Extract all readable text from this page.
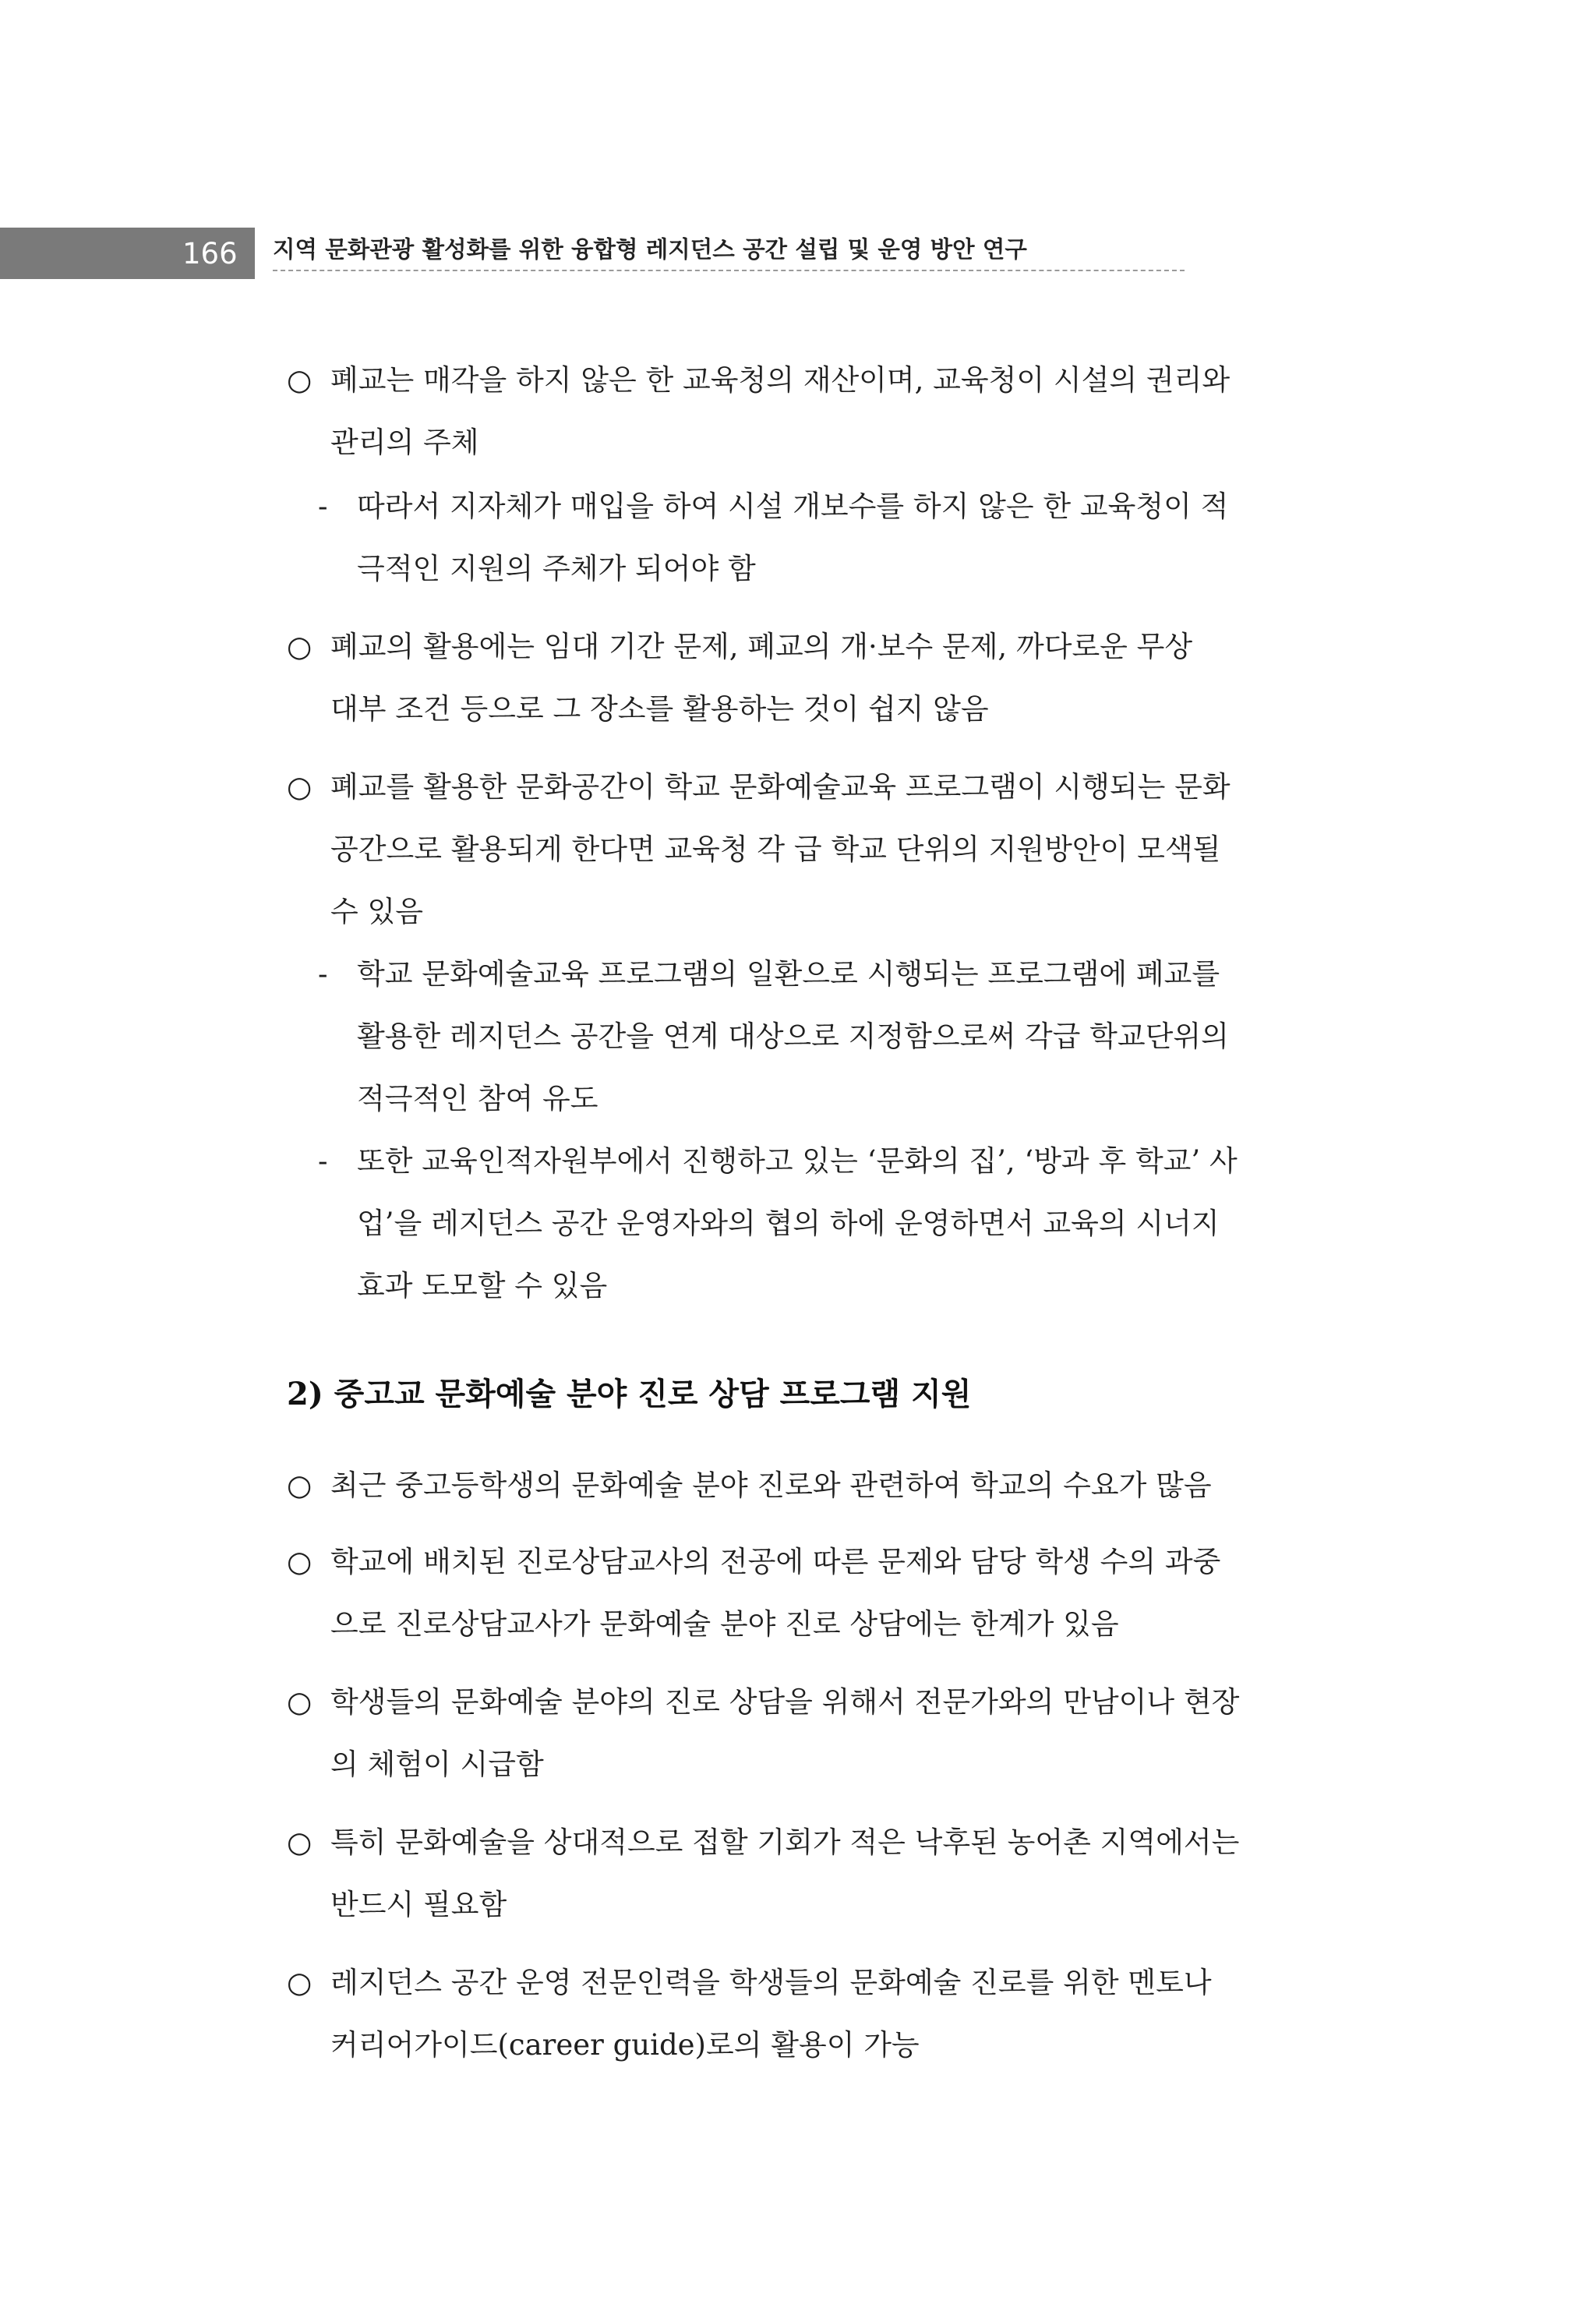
166 지역 문화관광 활성화를 위한 융합형 레지던스 공간 설립 및 운영 방안 연구
○ 폐교는 매각을 하지 않은 한 교육청의 재산이며, 교육청이 시설의 권리와
관리의 주체
- 따라서 지자체가 매입을 하여 시설 개보수를 하지 않은 한 교육청이 적
극적인 지원의 주체가 되어야 함
○ 폐교의 활용에는 임대 기간 문제, 폐교의 개·보수 문제, 까다로운 무상
대부 조건 등으로 그 장소를 활용하는 것이 쉽지 않음
○ 폐교를 활용한 문화공간이 학교 문화예술교육 프로그램이 시행되는 문화
공간으로 활용되게 한다면 교육청 각 급 학교 단위의 지원방안이 모색될
수 있음
- 학교 문화예술교육 프로그램의 일환으로 시행되는 프로그램에 폐교를
활용한 레지던스 공간을 연계 대상으로 지정함으로써 각급 학교단위의
적극적인 참여 유도
- 또한 교육인적자원부에서 진행하고 있는 ‘문화의 집’, ‘방과 후 학교’ 사
업’을 레지던스 공간 운영자와의 협의 하에 운영하면서 교육의 시너지
효과 도모할 수 있음
2) 중고교 문화예술 분야 진로 상담 프로그램 지원
○ 최근 중고등학생의 문화예술 분야 진로와 관련하여 학교의 수요가 많음
○ 학교에 배치된 진로상담교사의 전공에 따른 문제와 담당 학생 수의 과중
으로 진로상담교사가 문화예술 분야 진로 상담에는 한계가 있음
○ 학생들의 문화예술 분야의 진로 상담을 위해서 전문가와의 만남이나 현장
의 체험이 시급함
○ 특히 문화예술을 상대적으로 접할 기회가 적은 낙후된 농어촌 지역에서는
반드시 필요함
○ 레지던스 공간 운영 전문인력을 학생들의 문화예술 진로를 위한 멘토나
커리어가이드(career guide)로의 활용이 가능
